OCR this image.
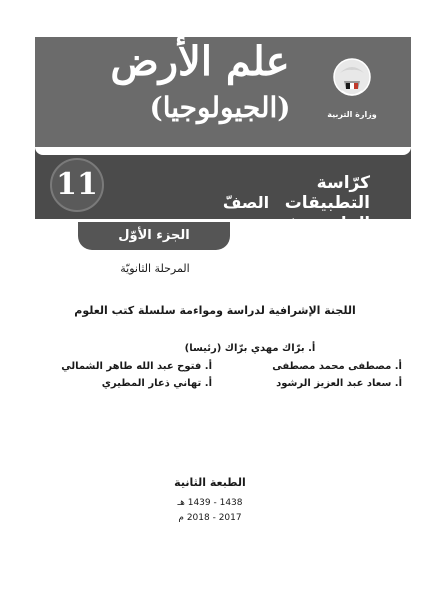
علم الأرض
(الجيولوجيا)	وزارة التربية
11	كرّاسة التطبيقات الصفّ الحادي عشر
الجزء الأوّل
المرحلة الثانويّة
اللجنة الإشرافية لدراسة ومواءمة سلسلة كتب العلوم
أ. برّاك مهدي برّاك (رئيسا)
أ. مصطفى محمد مصطفى
أ. فتوح عبد الله طاهر الشمالي
أ. سعاد عبد العزيز الرشود
أ. تهاني ذعار المطيري
الطبعة الثانية
1438 - 1439 هـ
2017 - 2018 م
